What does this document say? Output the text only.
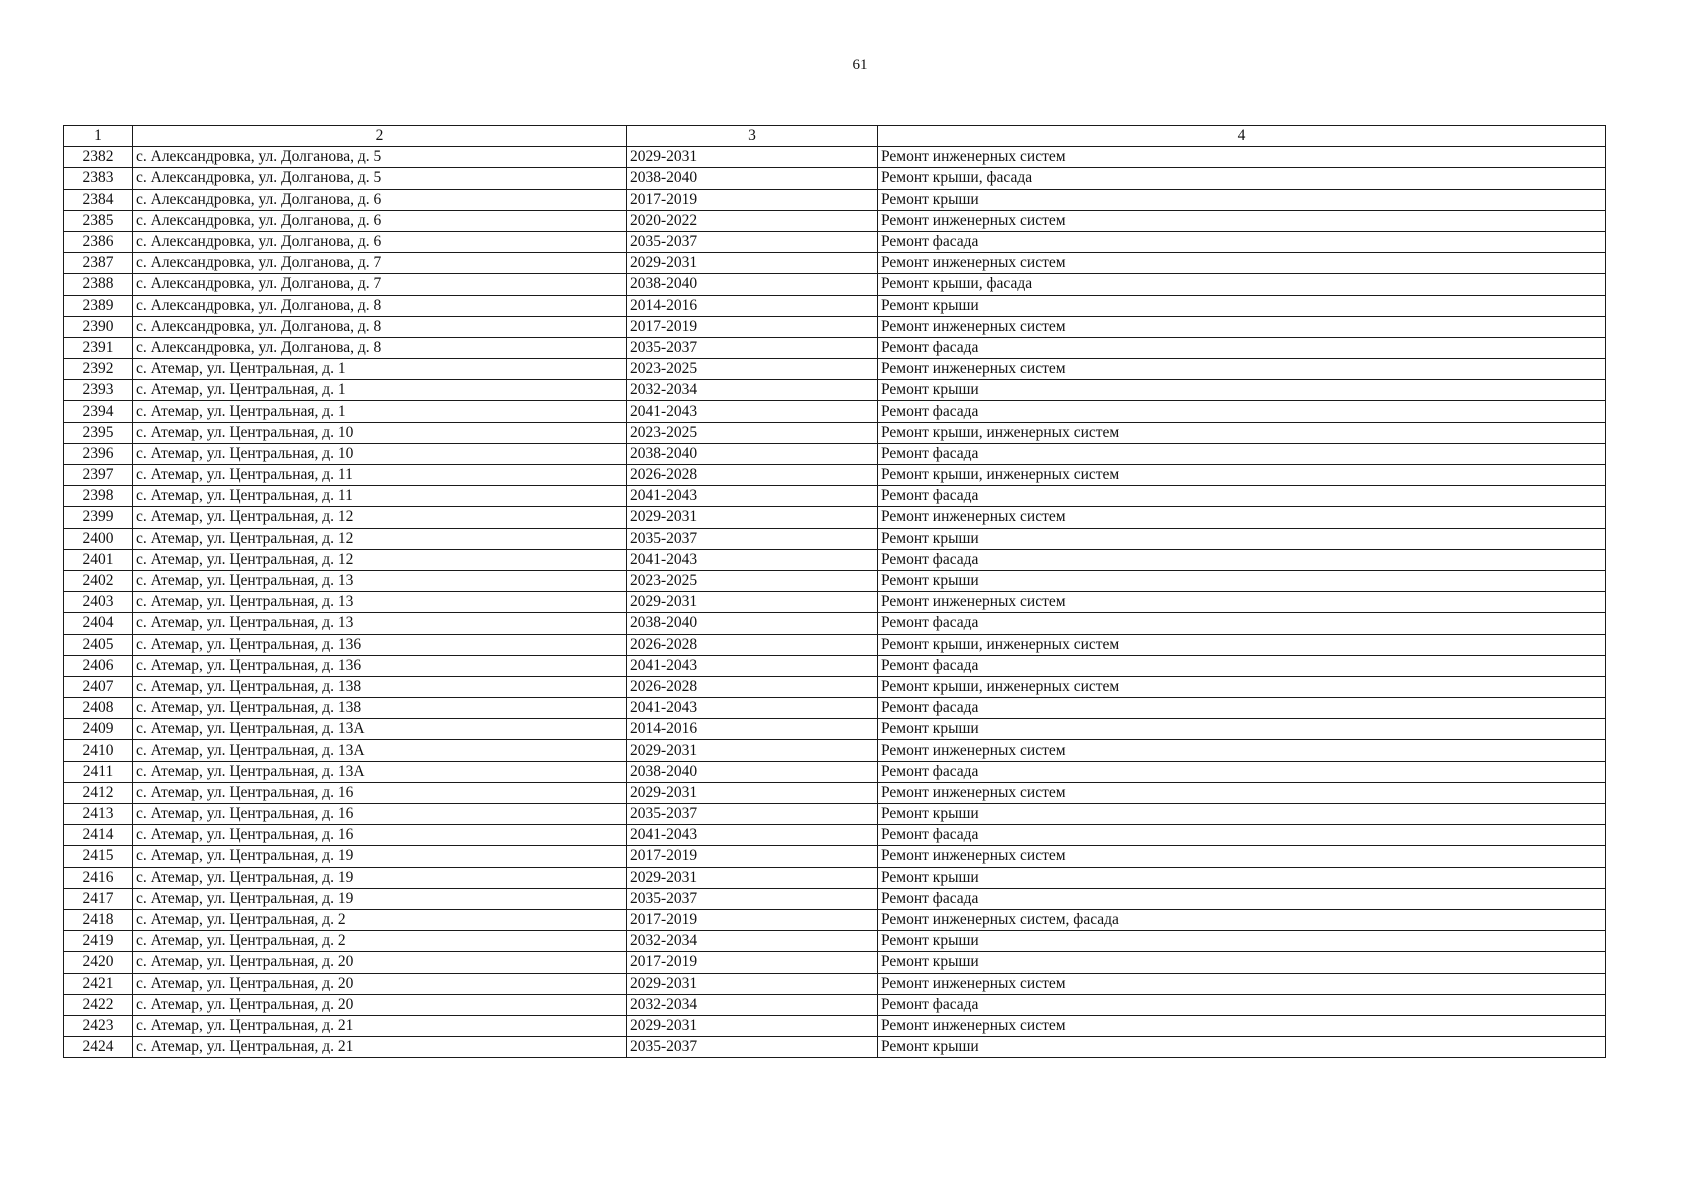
61
1	2	3	4
2382	с. Александровка, ул. Долганова, д. 5	2029-2031	Ремонт инженерных систем
2383	с. Александровка, ул. Долганова, д. 5	2038-2040	Ремонт крыши, фасада
2384	с. Александровка, ул. Долганова, д. 6	2017-2019	Ремонт крыши
2385	с. Александровка, ул. Долганова, д. 6	2020-2022	Ремонт инженерных систем
2386	с. Александровка, ул. Долганова, д. 6	2035-2037	Ремонт фасада
2387	с. Александровка, ул. Долганова, д. 7	2029-2031	Ремонт инженерных систем
2388	с. Александровка, ул. Долганова, д. 7	2038-2040	Ремонт крыши, фасада
2389	с. Александровка, ул. Долганова, д. 8	2014-2016	Ремонт крыши
2390	с. Александровка, ул. Долганова, д. 8	2017-2019	Ремонт инженерных систем
2391	с. Александровка, ул. Долганова, д. 8	2035-2037	Ремонт фасада
2392	с. Атемар, ул. Центральная, д. 1	2023-2025	Ремонт инженерных систем
2393	с. Атемар, ул. Центральная, д. 1	2032-2034	Ремонт крыши
2394	с. Атемар, ул. Центральная, д. 1	2041-2043	Ремонт фасада
2395	с. Атемар, ул. Центральная, д. 10	2023-2025	Ремонт крыши, инженерных систем
2396	с. Атемар, ул. Центральная, д. 10	2038-2040	Ремонт фасада
2397	с. Атемар, ул. Центральная, д. 11	2026-2028	Ремонт крыши, инженерных систем
2398	с. Атемар, ул. Центральная, д. 11	2041-2043	Ремонт фасада
2399	с. Атемар, ул. Центральная, д. 12	2029-2031	Ремонт инженерных систем
2400	с. Атемар, ул. Центральная, д. 12	2035-2037	Ремонт крыши
2401	с. Атемар, ул. Центральная, д. 12	2041-2043	Ремонт фасада
2402	с. Атемар, ул. Центральная, д. 13	2023-2025	Ремонт крыши
2403	с. Атемар, ул. Центральная, д. 13	2029-2031	Ремонт инженерных систем
2404	с. Атемар, ул. Центральная, д. 13	2038-2040	Ремонт фасада
2405	с. Атемар, ул. Центральная, д. 136	2026-2028	Ремонт крыши, инженерных систем
2406	с. Атемар, ул. Центральная, д. 136	2041-2043	Ремонт фасада
2407	с. Атемар, ул. Центральная, д. 138	2026-2028	Ремонт крыши, инженерных систем
2408	с. Атемар, ул. Центральная, д. 138	2041-2043	Ремонт фасада
2409	с. Атемар, ул. Центральная, д. 13А	2014-2016	Ремонт крыши
2410	с. Атемар, ул. Центральная, д. 13А	2029-2031	Ремонт инженерных систем
2411	с. Атемар, ул. Центральная, д. 13А	2038-2040	Ремонт фасада
2412	с. Атемар, ул. Центральная, д. 16	2029-2031	Ремонт инженерных систем
2413	с. Атемар, ул. Центральная, д. 16	2035-2037	Ремонт крыши
2414	с. Атемар, ул. Центральная, д. 16	2041-2043	Ремонт фасада
2415	с. Атемар, ул. Центральная, д. 19	2017-2019	Ремонт инженерных систем
2416	с. Атемар, ул. Центральная, д. 19	2029-2031	Ремонт крыши
2417	с. Атемар, ул. Центральная, д. 19	2035-2037	Ремонт фасада
2418	с. Атемар, ул. Центральная, д. 2	2017-2019	Ремонт инженерных систем, фасада
2419	с. Атемар, ул. Центральная, д. 2	2032-2034	Ремонт крыши
2420	с. Атемар, ул. Центральная, д. 20	2017-2019	Ремонт крыши
2421	с. Атемар, ул. Центральная, д. 20	2029-2031	Ремонт инженерных систем
2422	с. Атемар, ул. Центральная, д. 20	2032-2034	Ремонт фасада
2423	с. Атемар, ул. Центральная, д. 21	2029-2031	Ремонт инженерных систем
2424	с. Атемар, ул. Центральная, д. 21	2035-2037	Ремонт крыши
